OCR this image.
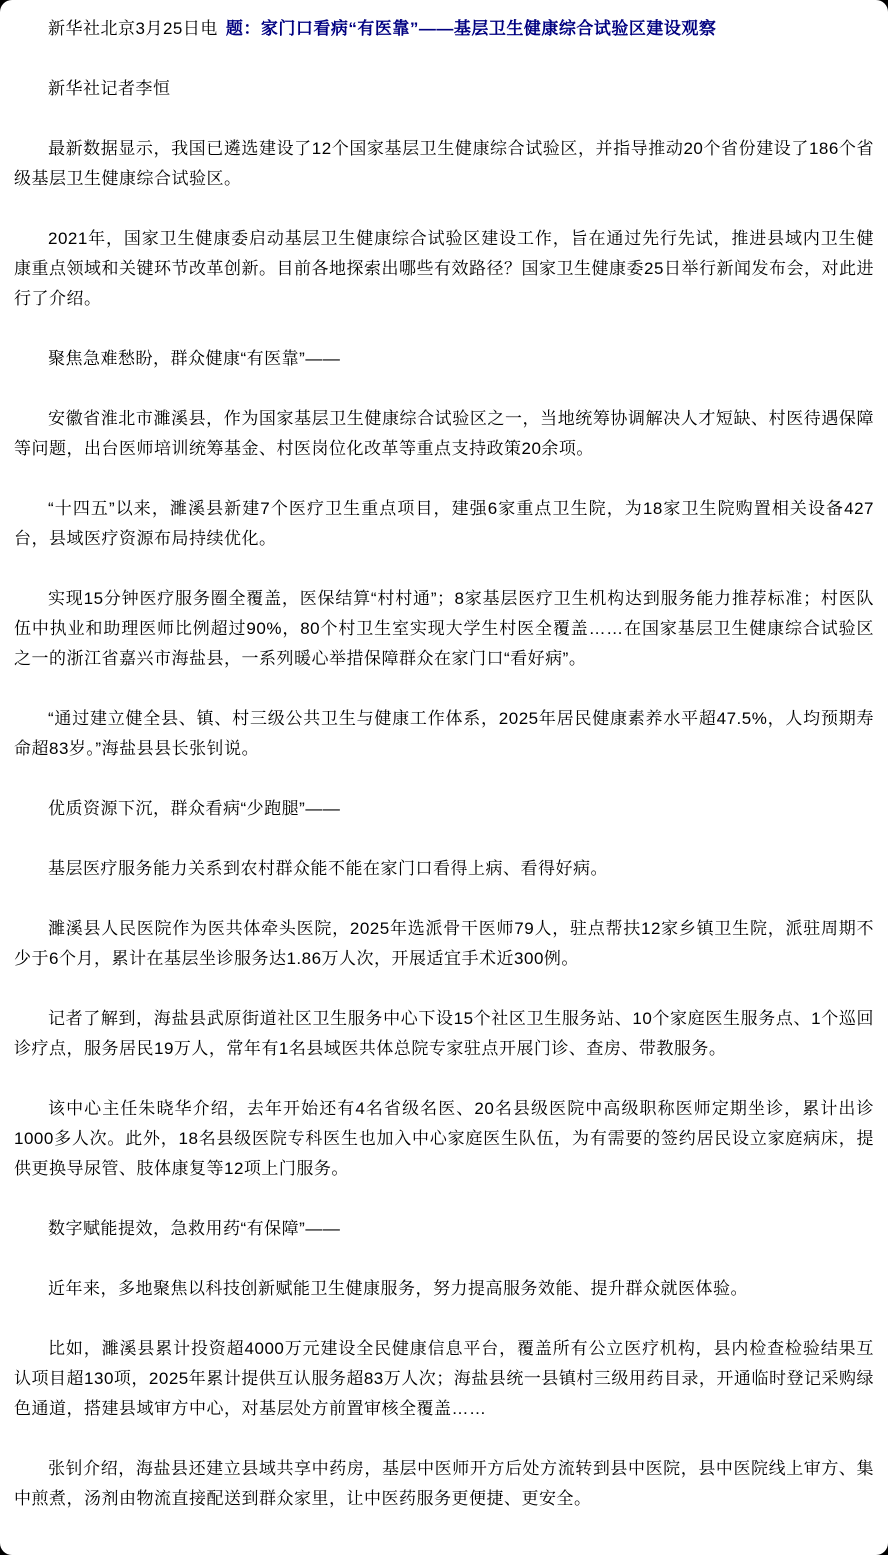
新华社北京3月25日电 题：家门口看病“有医靠”——基层卫生健康综合试验区建设观察

新华社记者李恒

最新数据显示，我国已遴选建设了12个国家基层卫生健康综合试验区，并指导推动20个省份建设了186个省级基层卫生健康综合试验区。

2021年，国家卫生健康委启动基层卫生健康综合试验区建设工作，旨在通过先行先试，推进县域内卫生健康重点领域和关键环节改革创新。目前各地探索出哪些有效路径？国家卫生健康委25日举行新闻发布会，对此进行了介绍。

聚焦急难愁盼，群众健康“有医靠”——

安徽省淮北市濉溪县，作为国家基层卫生健康综合试验区之一，当地统筹协调解决人才短缺、村医待遇保障等问题，出台医师培训统筹基金、村医岗位化改革等重点支持政策20余项。

“十四五”以来，濉溪县新建7个医疗卫生重点项目，建强6家重点卫生院，为18家卫生院购置相关设备427台，县域医疗资源布局持续优化。

实现15分钟医疗服务圈全覆盖，医保结算“村村通”；8家基层医疗卫生机构达到服务能力推荐标准；村医队伍中执业和助理医师比例超过90%，80个村卫生室实现大学生村医全覆盖……在国家基层卫生健康综合试验区之一的浙江省嘉兴市海盐县，一系列暖心举措保障群众在家门口“看好病”。

“通过建立健全县、镇、村三级公共卫生与健康工作体系，2025年居民健康素养水平超47.5%，人均预期寿命超83岁。”海盐县县长张钊说。

优质资源下沉，群众看病“少跑腿”——

基层医疗服务能力关系到农村群众能不能在家门口看得上病、看得好病。

濉溪县人民医院作为医共体牵头医院，2025年选派骨干医师79人，驻点帮扶12家乡镇卫生院，派驻周期不少于6个月，累计在基层坐诊服务达1.86万人次，开展适宜手术近300例。

记者了解到，海盐县武原街道社区卫生服务中心下设15个社区卫生服务站、10个家庭医生服务点、1个巡回诊疗点，服务居民19万人，常年有1名县域医共体总院专家驻点开展门诊、查房、带教服务。

该中心主任朱晓华介绍，去年开始还有4名省级名医、20名县级医院中高级职称医师定期坐诊，累计出诊1000多人次。此外，18名县级医院专科医生也加入中心家庭医生队伍，为有需要的签约居民设立家庭病床，提供更换导尿管、肢体康复等12项上门服务。

数字赋能提效，急救用药“有保障”——

近年来，多地聚焦以科技创新赋能卫生健康服务，努力提高服务效能、提升群众就医体验。

比如，濉溪县累计投资超4000万元建设全民健康信息平台，覆盖所有公立医疗机构，县内检查检验结果互认项目超130项，2025年累计提供互认服务超83万人次；海盐县统一县镇村三级用药目录，开通临时登记采购绿色通道，搭建县域审方中心，对基层处方前置审核全覆盖……

张钊介绍，海盐县还建立县域共享中药房，基层中医师开方后处方流转到县中医院，县中医院线上审方、集中煎煮，汤剂由物流直接配送到群众家里，让中医药服务更便捷、更安全。
